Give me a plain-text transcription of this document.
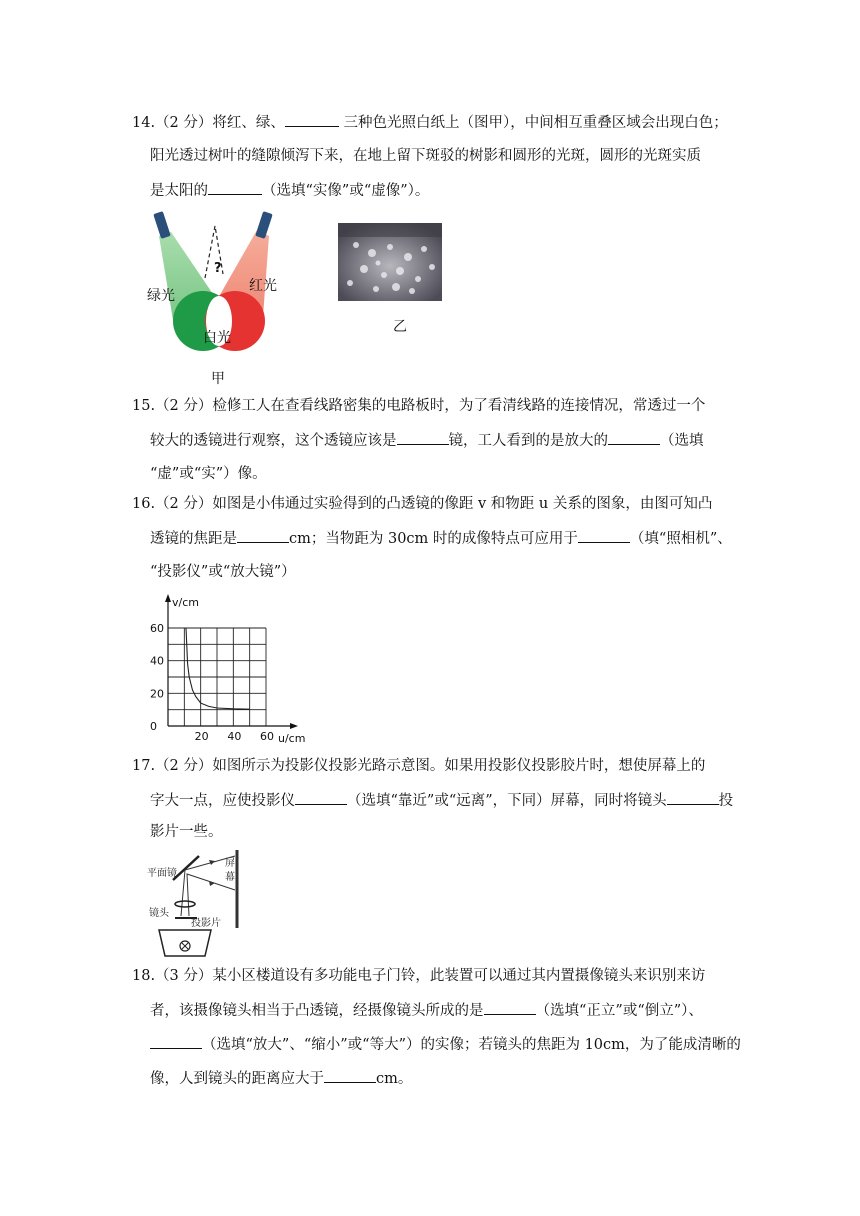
14.（2 分）将红、绿、	三种色光照白纸上（图甲），中间相互重叠区域会出现白色；
阳光透过树叶的缝隙倾泻下来，在地上留下斑驳的树影和圆形的光斑，圆形的光斑实质
是太阳的	（选填“实像”或“虚像”）。
?
绿光
红光
白光
甲
乙
15.（2 分）检修工人在查看线路密集的电路板时，为了看清线路的连接情况，常透过一个
较大的透镜进行观察，这个透镜应该是	镜，工人看到的是放大的	（选填
“虚”或“实”）像。
16.（2 分）如图是小伟通过实验得到的凸透镜的像距 v 和物距 u 关系的图象，由图可知凸
透镜的焦距是	cm；当物距为 30cm 时的成像特点可应用于	（填“照相机”、
“投影仪”或“放大镜”）
0
20
40
60
20 40 60
v/cm
u/cm
17.（2 分）如图所示为投影仪投影光路示意图。如果用投影仪投影胶片时，想使屏幕上的
字大一点，应使投影仪	（选填“靠近”或“远离”，下同）屏幕，同时将镜头	投
影片一些。
屏
幕
平面镜
镜头
投影片
18.（3 分）某小区楼道设有多功能电子门铃，此装置可以通过其内置摄像镜头来识别来访
者，该摄像镜头相当于凸透镜，经摄像镜头所成的是	（选填“正立”或“倒立”）、
（选填“放大”、“缩小”或“等大”）的实像；若镜头的焦距为 10cm，为了能成清晰的
像，人到镜头的距离应大于	cm。
